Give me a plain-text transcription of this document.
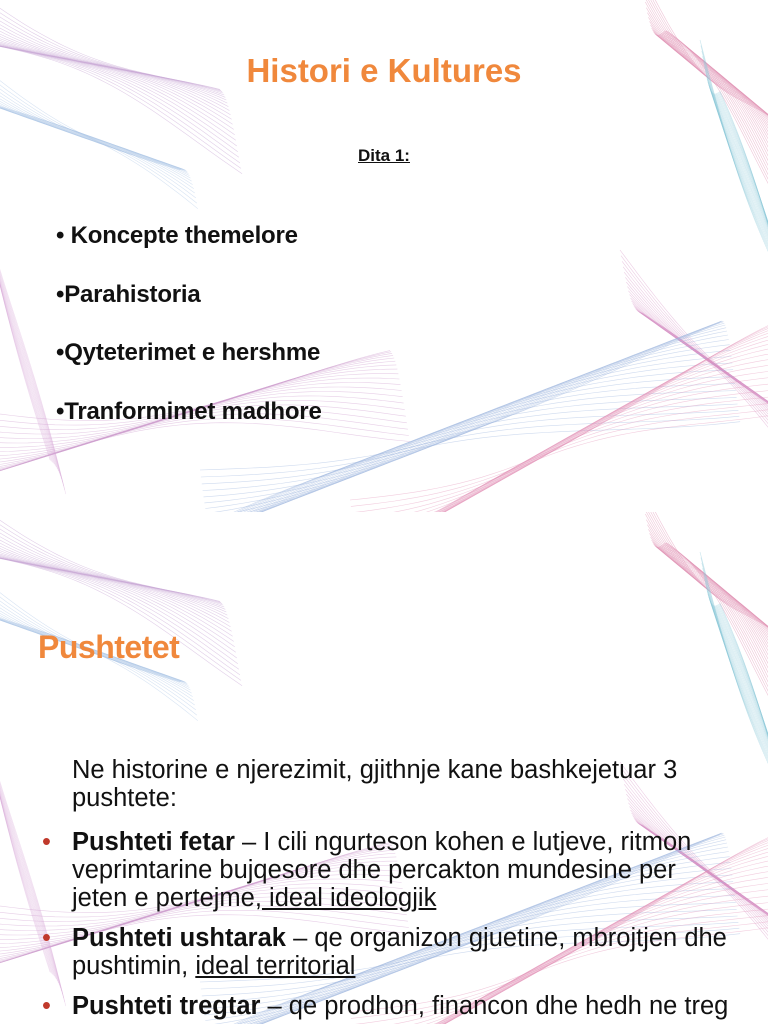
Histori e Kultures
Dita 1:
• Koncepte themelore
•Parahistoria
•Qyteterimet e hershme
•Tranformimet madhore
Pushtetet
Ne historine e njerezimit, gjithnje kane bashkejetuar 3 pushtete:
• Pushteti fetar – I cili ngurteson kohen e lutjeve, ritmon veprimtarine bujqesore dhe percakton mundesine per jeten e pertejme, ideal ideologjik
• Pushteti ushtarak – qe organizon gjuetine, mbrojtjen dhe pushtimin, ideal territorial
• Pushteti tregtar – qe prodhon, financon dhe hedh ne treg
